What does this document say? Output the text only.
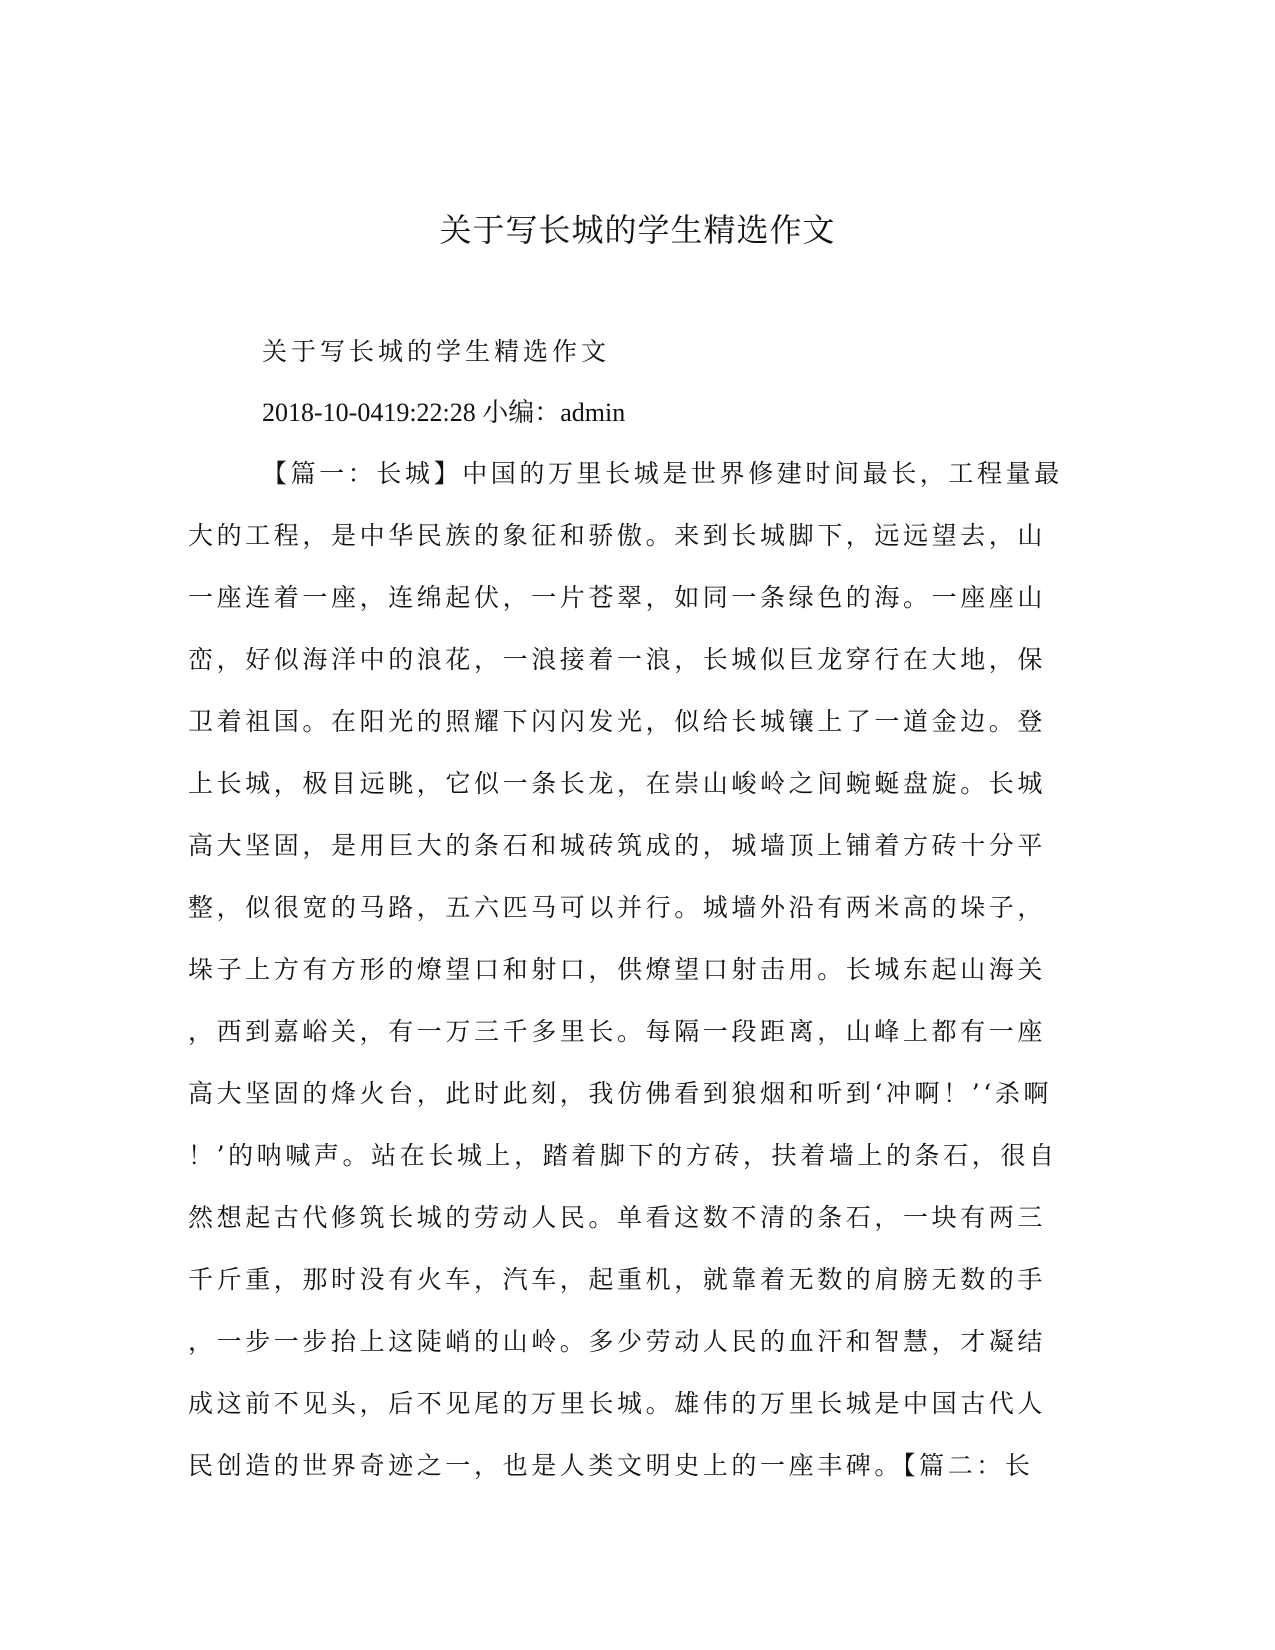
关于写长城的学生精选作文
关于写长城的学生精选作文
2018-10-0419:22:28 小编：admin
【篇一：长城】中国的万里长城是世界修建时间最长，工程量最
大的工程，是中华民族的象征和骄傲。来到长城脚下，远远望去，山
一座连着一座，连绵起伏，一片苍翠，如同一条绿色的海。一座座山
峦，好似海洋中的浪花，一浪接着一浪，长城似巨龙穿行在大地，保
卫着祖国。在阳光的照耀下闪闪发光，似给长城镶上了一道金边。登
上长城，极目远眺，它似一条长龙，在崇山峻岭之间蜿蜒盘旋。长城
高大坚固，是用巨大的条石和城砖筑成的，城墙顶上铺着方砖十分平
整，似很宽的马路，五六匹马可以并行。城墙外沿有两米高的垛子，
垛子上方有方形的燎望口和射口，供燎望口射击用。长城东起山海关
，西到嘉峪关，有一万三千多里长。每隔一段距离，山峰上都有一座
高大坚固的烽火台，此时此刻，我仿佛看到狼烟和听到‘冲啊！’‘杀啊
！’的呐喊声。站在长城上，踏着脚下的方砖，扶着墙上的条石，很自
然想起古代修筑长城的劳动人民。单看这数不清的条石，一块有两三
千斤重，那时没有火车，汽车，起重机，就靠着无数的肩膀无数的手
，一步一步抬上这陡峭的山岭。多少劳动人民的血汗和智慧，才凝结
成这前不见头，后不见尾的万里长城。雄伟的万里长城是中国古代人
民创造的世界奇迹之一，也是人类文明史上的一座丰碑。【篇二：长
